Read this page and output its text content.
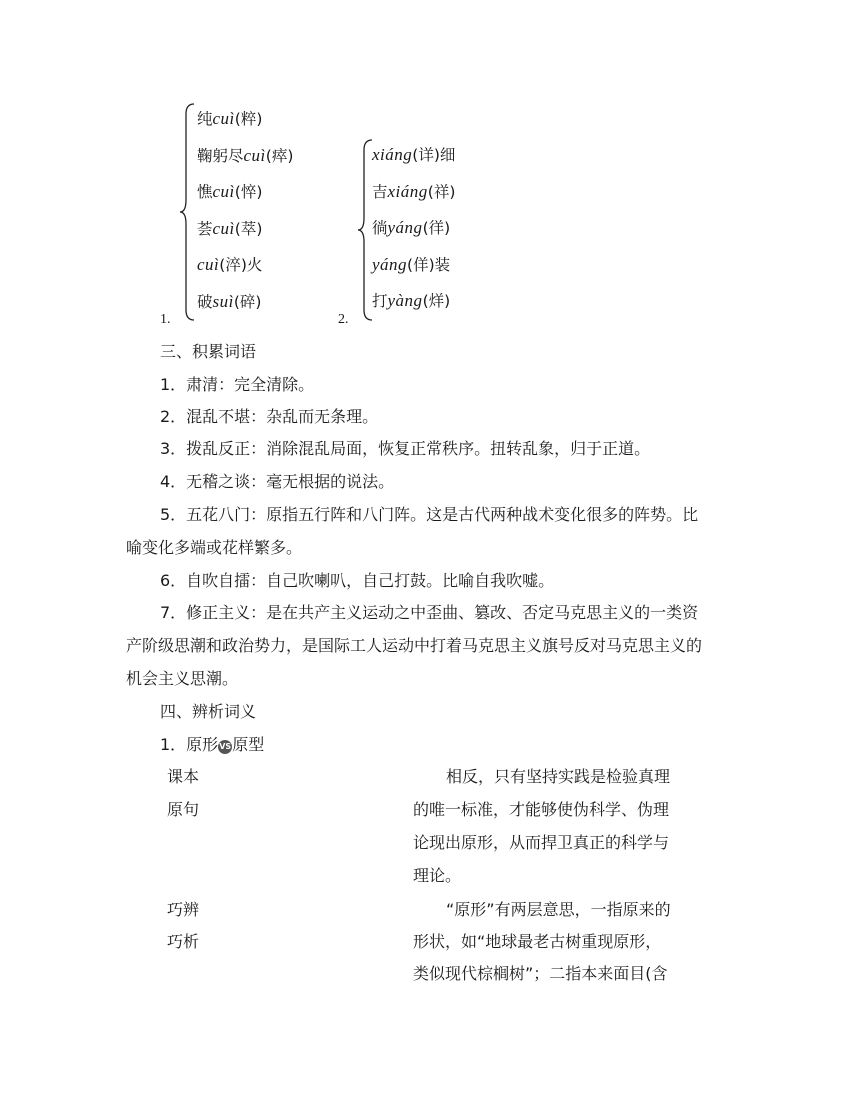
纯cuì(粹)
鞠躬尽cuì(瘁)
憔cuì(悴)
荟cuì(萃)
cuì(淬)火
破suì(碎)
1.
xiáng(详)细
吉xiáng(祥)
徜yáng(徉)
yáng(佯)装
打yàng(烊)
2.
三、积累词语
1．肃清：完全清除。
2．混乱不堪：杂乱而无条理。
3．拨乱反正：消除混乱局面，恢复正常秩序。扭转乱象，归于正道。
4．无稽之谈：毫无根据的说法。
5．五花八门：原指五行阵和八门阵。这是古代两种战术变化很多的阵势。比
喻变化多端或花样繁多。
6．自吹自擂：自己吹喇叭，自己打鼓。比喻自我吹嘘。
7．修正主义：是在共产主义运动之中歪曲、篡改、否定马克思主义的一类资
产阶级思潮和政治势力，是国际工人运动中打着马克思主义旗号反对马克思主义的
机会主义思潮。
四、辨析词义
1．原形VS原型
课本
原句
相反，只有坚持实践是检验真理
的唯一标准，才能够使伪科学、伪理
论现出原形，从而捍卫真正的科学与
理论。
巧辨
巧析
“原形”有两层意思，一指原来的
形状，如“地球最老古树重现原形，
类似现代棕榈树”；二指本来面目(含
